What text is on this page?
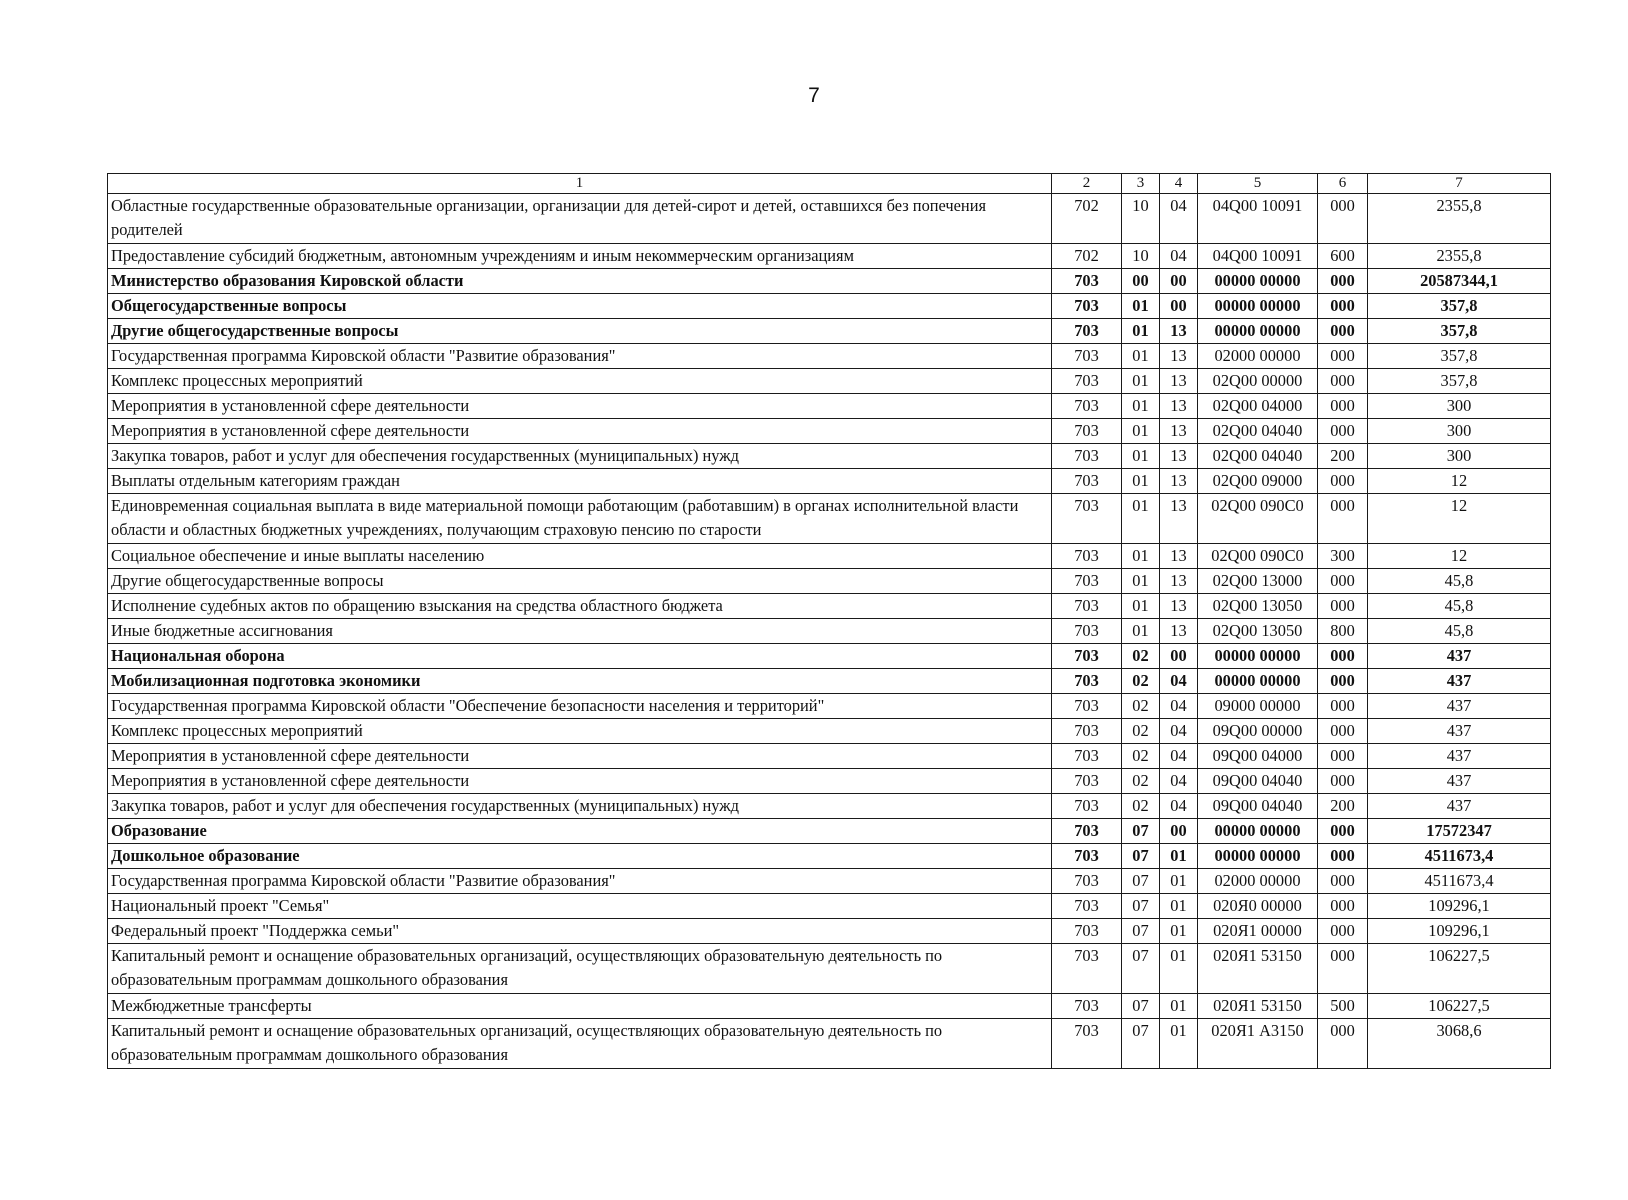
7
1	2	3	4	5	6	7
Областные государственные образовательные организации, организации для детей-сирот и детей, оставшихся без попечения родителей	702	10	04	04Q00 10091	000	2355,8
Предоставление субсидий бюджетным, автономным учреждениям и иным некоммерческим организациям	702	10	04	04Q00 10091	600	2355,8
Министерство образования Кировской области	703	00	00	00000 00000	000	20587344,1
Общегосударственные вопросы	703	01	00	00000 00000	000	357,8
Другие общегосударственные вопросы	703	01	13	00000 00000	000	357,8
Государственная программа Кировской области "Развитие образования"	703	01	13	02000 00000	000	357,8
Комплекс процессных мероприятий	703	01	13	02Q00 00000	000	357,8
Мероприятия в установленной сфере деятельности	703	01	13	02Q00 04000	000	300
Мероприятия в установленной сфере деятельности	703	01	13	02Q00 04040	000	300
Закупка товаров, работ и услуг для обеспечения государственных (муниципальных) нужд	703	01	13	02Q00 04040	200	300
Выплаты отдельным категориям граждан	703	01	13	02Q00 09000	000	12
Единовременная социальная выплата в виде материальной помощи работающим (работавшим) в органах исполнительной власти области и областных бюджетных учреждениях, получающим страховую пенсию по старости	703	01	13	02Q00 090C0	000	12
Социальное обеспечение и иные выплаты населению	703	01	13	02Q00 090C0	300	12
Другие общегосударственные вопросы	703	01	13	02Q00 13000	000	45,8
Исполнение судебных актов по обращению взыскания на средства областного бюджета	703	01	13	02Q00 13050	000	45,8
Иные бюджетные ассигнования	703	01	13	02Q00 13050	800	45,8
Национальная оборона	703	02	00	00000 00000	000	437
Мобилизационная подготовка экономики	703	02	04	00000 00000	000	437
Государственная программа Кировской области "Обеспечение безопасности населения и территорий"	703	02	04	09000 00000	000	437
Комплекс процессных мероприятий	703	02	04	09Q00 00000	000	437
Мероприятия в установленной сфере деятельности	703	02	04	09Q00 04000	000	437
Мероприятия в установленной сфере деятельности	703	02	04	09Q00 04040	000	437
Закупка товаров, работ и услуг для обеспечения государственных (муниципальных) нужд	703	02	04	09Q00 04040	200	437
Образование	703	07	00	00000 00000	000	17572347
Дошкольное образование	703	07	01	00000 00000	000	4511673,4
Государственная программа Кировской области "Развитие образования"	703	07	01	02000 00000	000	4511673,4
Национальный проект "Семья"	703	07	01	020Я0 00000	000	109296,1
Федеральный проект "Поддержка семьи"	703	07	01	020Я1 00000	000	109296,1
Капитальный ремонт и оснащение образовательных организаций, осуществляющих образовательную деятельность по образовательным программам дошкольного образования	703	07	01	020Я1 53150	000	106227,5
Межбюджетные трансферты	703	07	01	020Я1 53150	500	106227,5
Капитальный ремонт и оснащение образовательных организаций, осуществляющих образовательную деятельность по образовательным программам дошкольного образования	703	07	01	020Я1 А3150	000	3068,6
